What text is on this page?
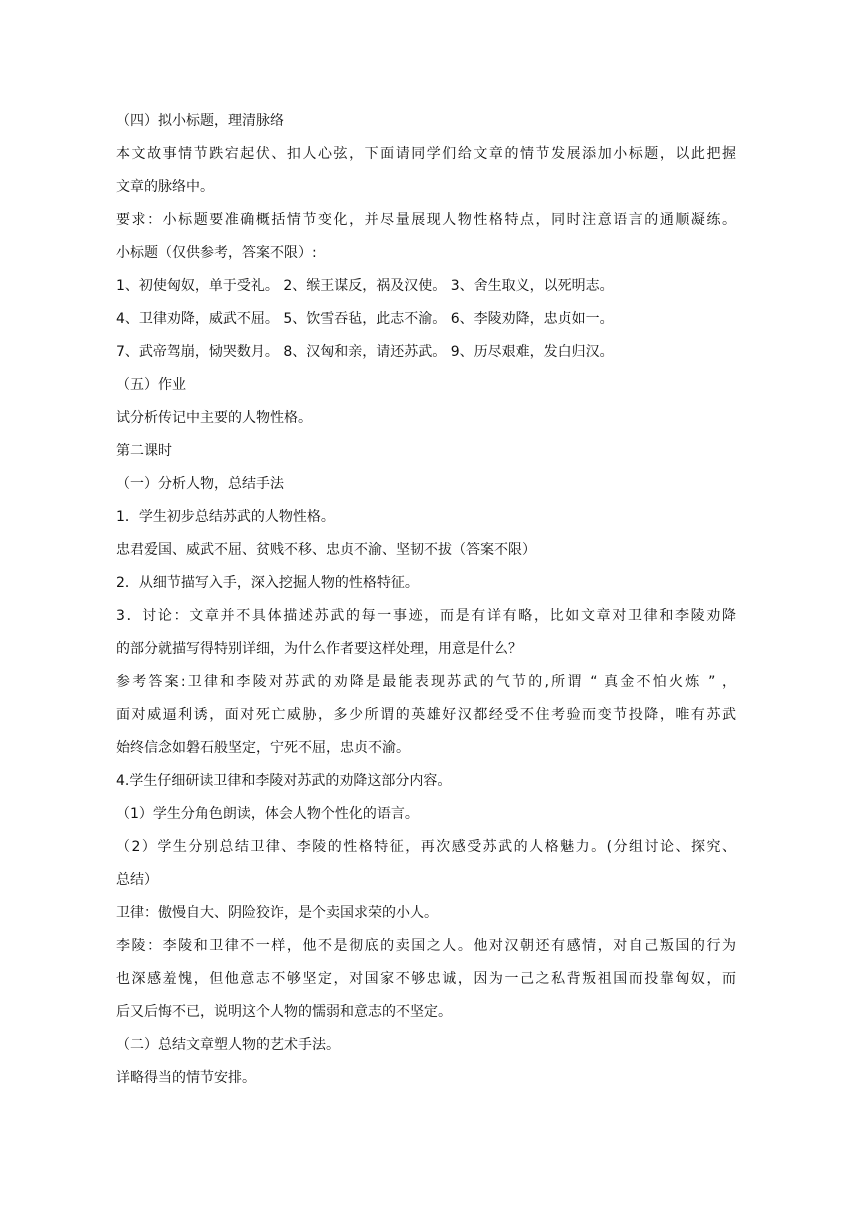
（四）拟小标题，理清脉络
本文故事情节跌宕起伏、扣人心弦，下面请同学们给文章的情节发展添加小标题，以此把握
文章的脉络中。
要求：小标题要准确概括情节变化，并尽量展现人物性格特点，同时注意语言的通顺凝练。
小标题（仅供参考，答案不限）:
1、初使匈奴，单于受礼。 2、缑王谋反，祸及汉使。 3、舍生取义，以死明志。
4、卫律劝降，威武不屈。 5、饮雪吞毡，此志不渝。 6、李陵劝降，忠贞如一。
7、武帝驾崩，恸哭数月。 8、汉匈和亲，请还苏武。 9、历尽艰难，发白归汉。
（五）作业
试分析传记中主要的人物性格。
第二课时
（一）分析人物，总结手法
1．学生初步总结苏武的人物性格。
忠君爱国、威武不屈、贫贱不移、忠贞不渝、坚韧不拔（答案不限）
2．从细节描写入手，深入挖掘人物的性格特征。
3．讨论：文章并不具体描述苏武的每一事迹，而是有详有略，比如文章对卫律和李陵劝降
的部分就描写得特别详细，为什么作者要这样处理，用意是什么？
参考答案:卫律和李陵对苏武的劝降是最能表现苏武的气节的,所谓 “ 真金不怕火炼 ” ，
面对威逼利诱，面对死亡威胁，多少所谓的英雄好汉都经受不住考验而变节投降，唯有苏武
始终信念如磐石般坚定，宁死不屈，忠贞不渝。
4.学生仔细研读卫律和李陵对苏武的劝降这部分内容。
（1）学生分角色朗读，体会人物个性化的语言。
（2）学生分别总结卫律、李陵的性格特征，再次感受苏武的人格魅力。(分组讨论、探究、
总结）
卫律：傲慢自大、阴险狡诈，是个卖国求荣的小人。
李陵：李陵和卫律不一样，他不是彻底的卖国之人。他对汉朝还有感情，对自己叛国的行为
也深感羞愧，但他意志不够坚定，对国家不够忠诚，因为一己之私背叛祖国而投靠匈奴，而
后又后悔不已，说明这个人物的懦弱和意志的不坚定。
（二）总结文章塑人物的艺术手法。
详略得当的情节安排。
